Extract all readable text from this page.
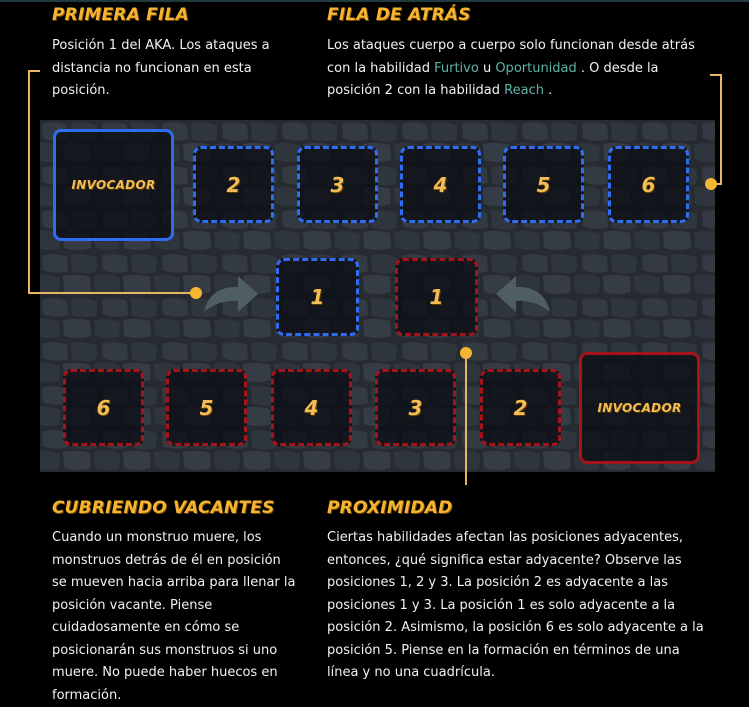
PRIMERA FILA

Posición 1 del AKA. Los ataques a distancia no funcionan en esta posición.

FILA DE ATRÁS

Los ataques cuerpo a cuerpo solo funcionan desde atrás con la habilidad Furtivo u Oportunidad . O desde la posición 2 con la habilidad Reach .

INVOCADOR	2	3	4	5	6
1	1
6	5	4	3	2	INVOCADOR
CUBRIENDO VACANTES

Cuando un monstruo muere, los monstruos detrás de él en posición se mueven hacia arriba para llenar la posición vacante. Piense cuidadosamente en cómo se posicionarán sus monstruos si uno muere. No puede haber huecos en formación.

PROXIMIDAD

Ciertas habilidades afectan las posiciones adyacentes, entonces, ¿qué significa estar adyacente? Observe las posiciones 1, 2 y 3. La posición 2 es adyacente a las posiciones 1 y 3. La posición 1 es solo adyacente a la posición 2. Asimismo, la posición 6 es solo adyacente a la posición 5. Piense en la formación en términos de una línea y no una cuadrícula.
